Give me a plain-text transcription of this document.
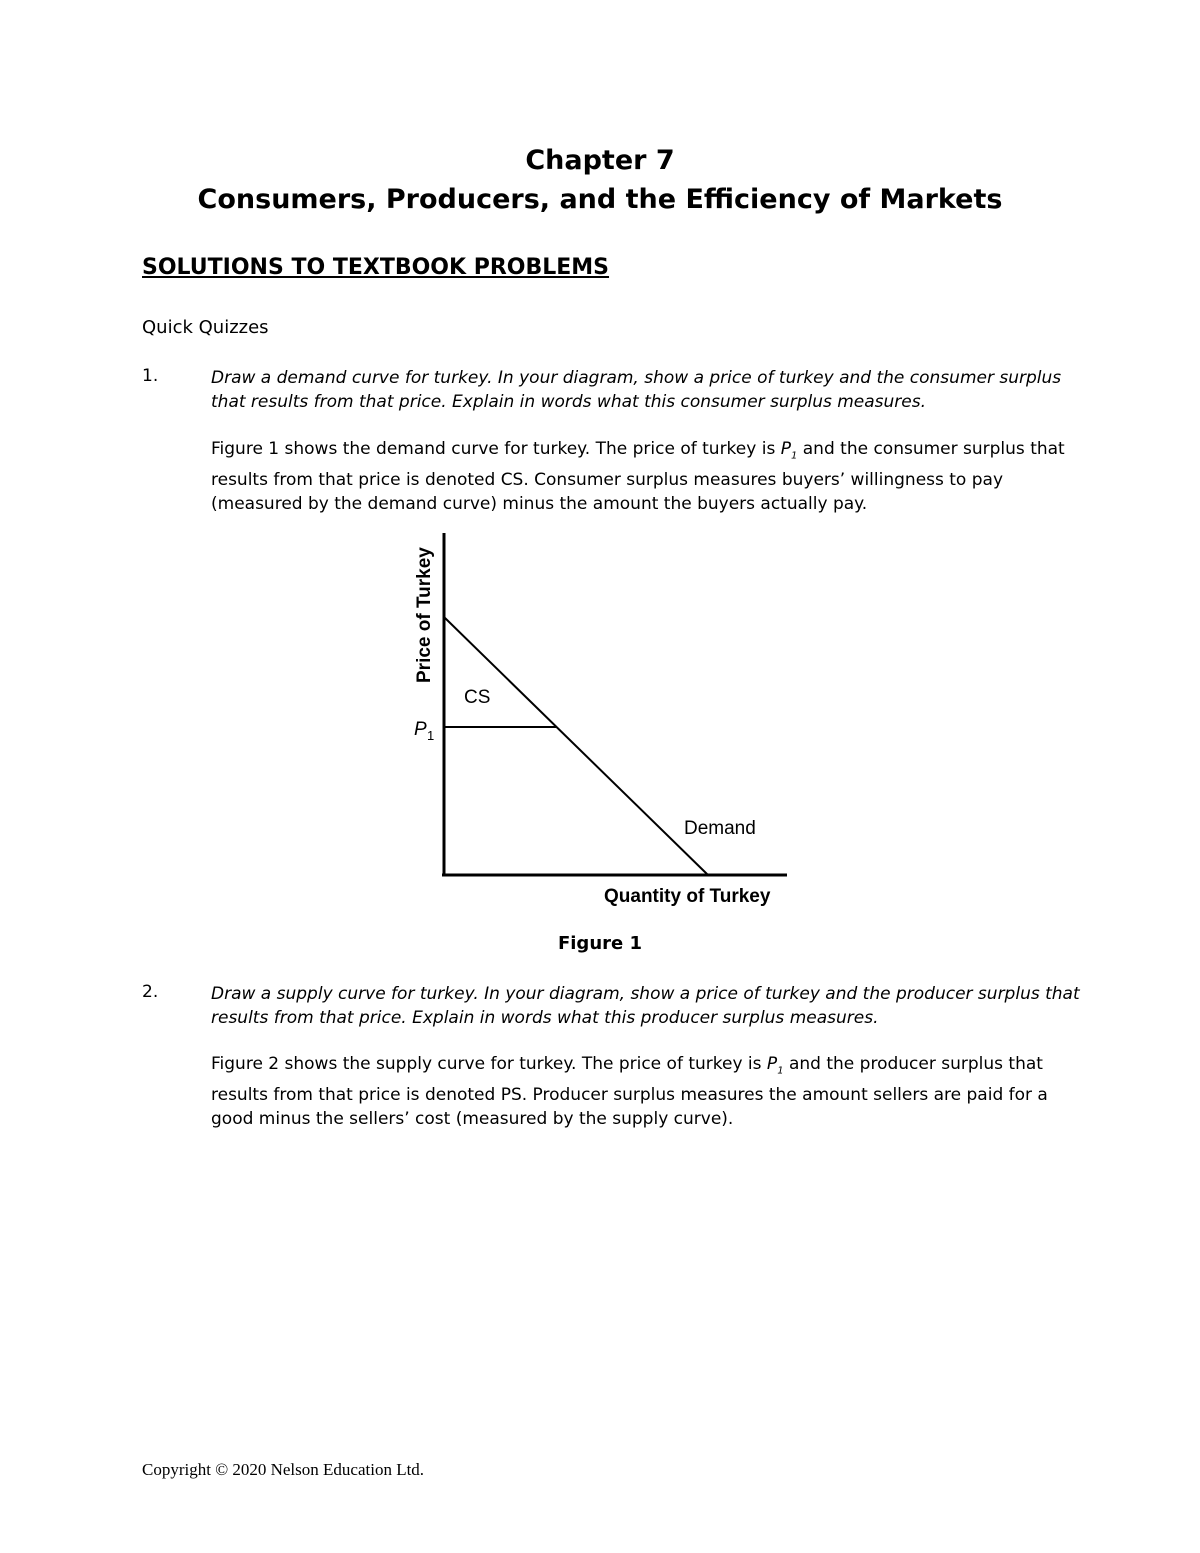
Chapter 7
Consumers, Producers, and the Efficiency of Markets
SOLUTIONS TO TEXTBOOK PROBLEMS
Quick Quizzes
1.	Draw a demand curve for turkey. In your diagram, show a price of turkey and the consumer surplus that results from that price. Explain in words what this consumer surplus measures.
Figure 1 shows the demand curve for turkey. The price of turkey is $P_1$ and the consumer surplus that results from that price is denoted CS. Consumer surplus measures buyers’ willingness to pay (measured by the demand curve) minus the amount the buyers actually pay.
Price of Turkey
Quantity of Turkey
CS
Demand
P 1
Figure 1
2.	Draw a supply curve for turkey. In your diagram, show a price of turkey and the producer surplus that results from that price. Explain in words what this producer surplus measures.
Figure 2 shows the supply curve for turkey. The price of turkey is $P_1$ and the producer surplus that results from that price is denoted PS. Producer surplus measures the amount sellers are paid for a good minus the sellers’ cost (measured by the supply curve).
Copyright © 2020 Nelson Education Ltd.
